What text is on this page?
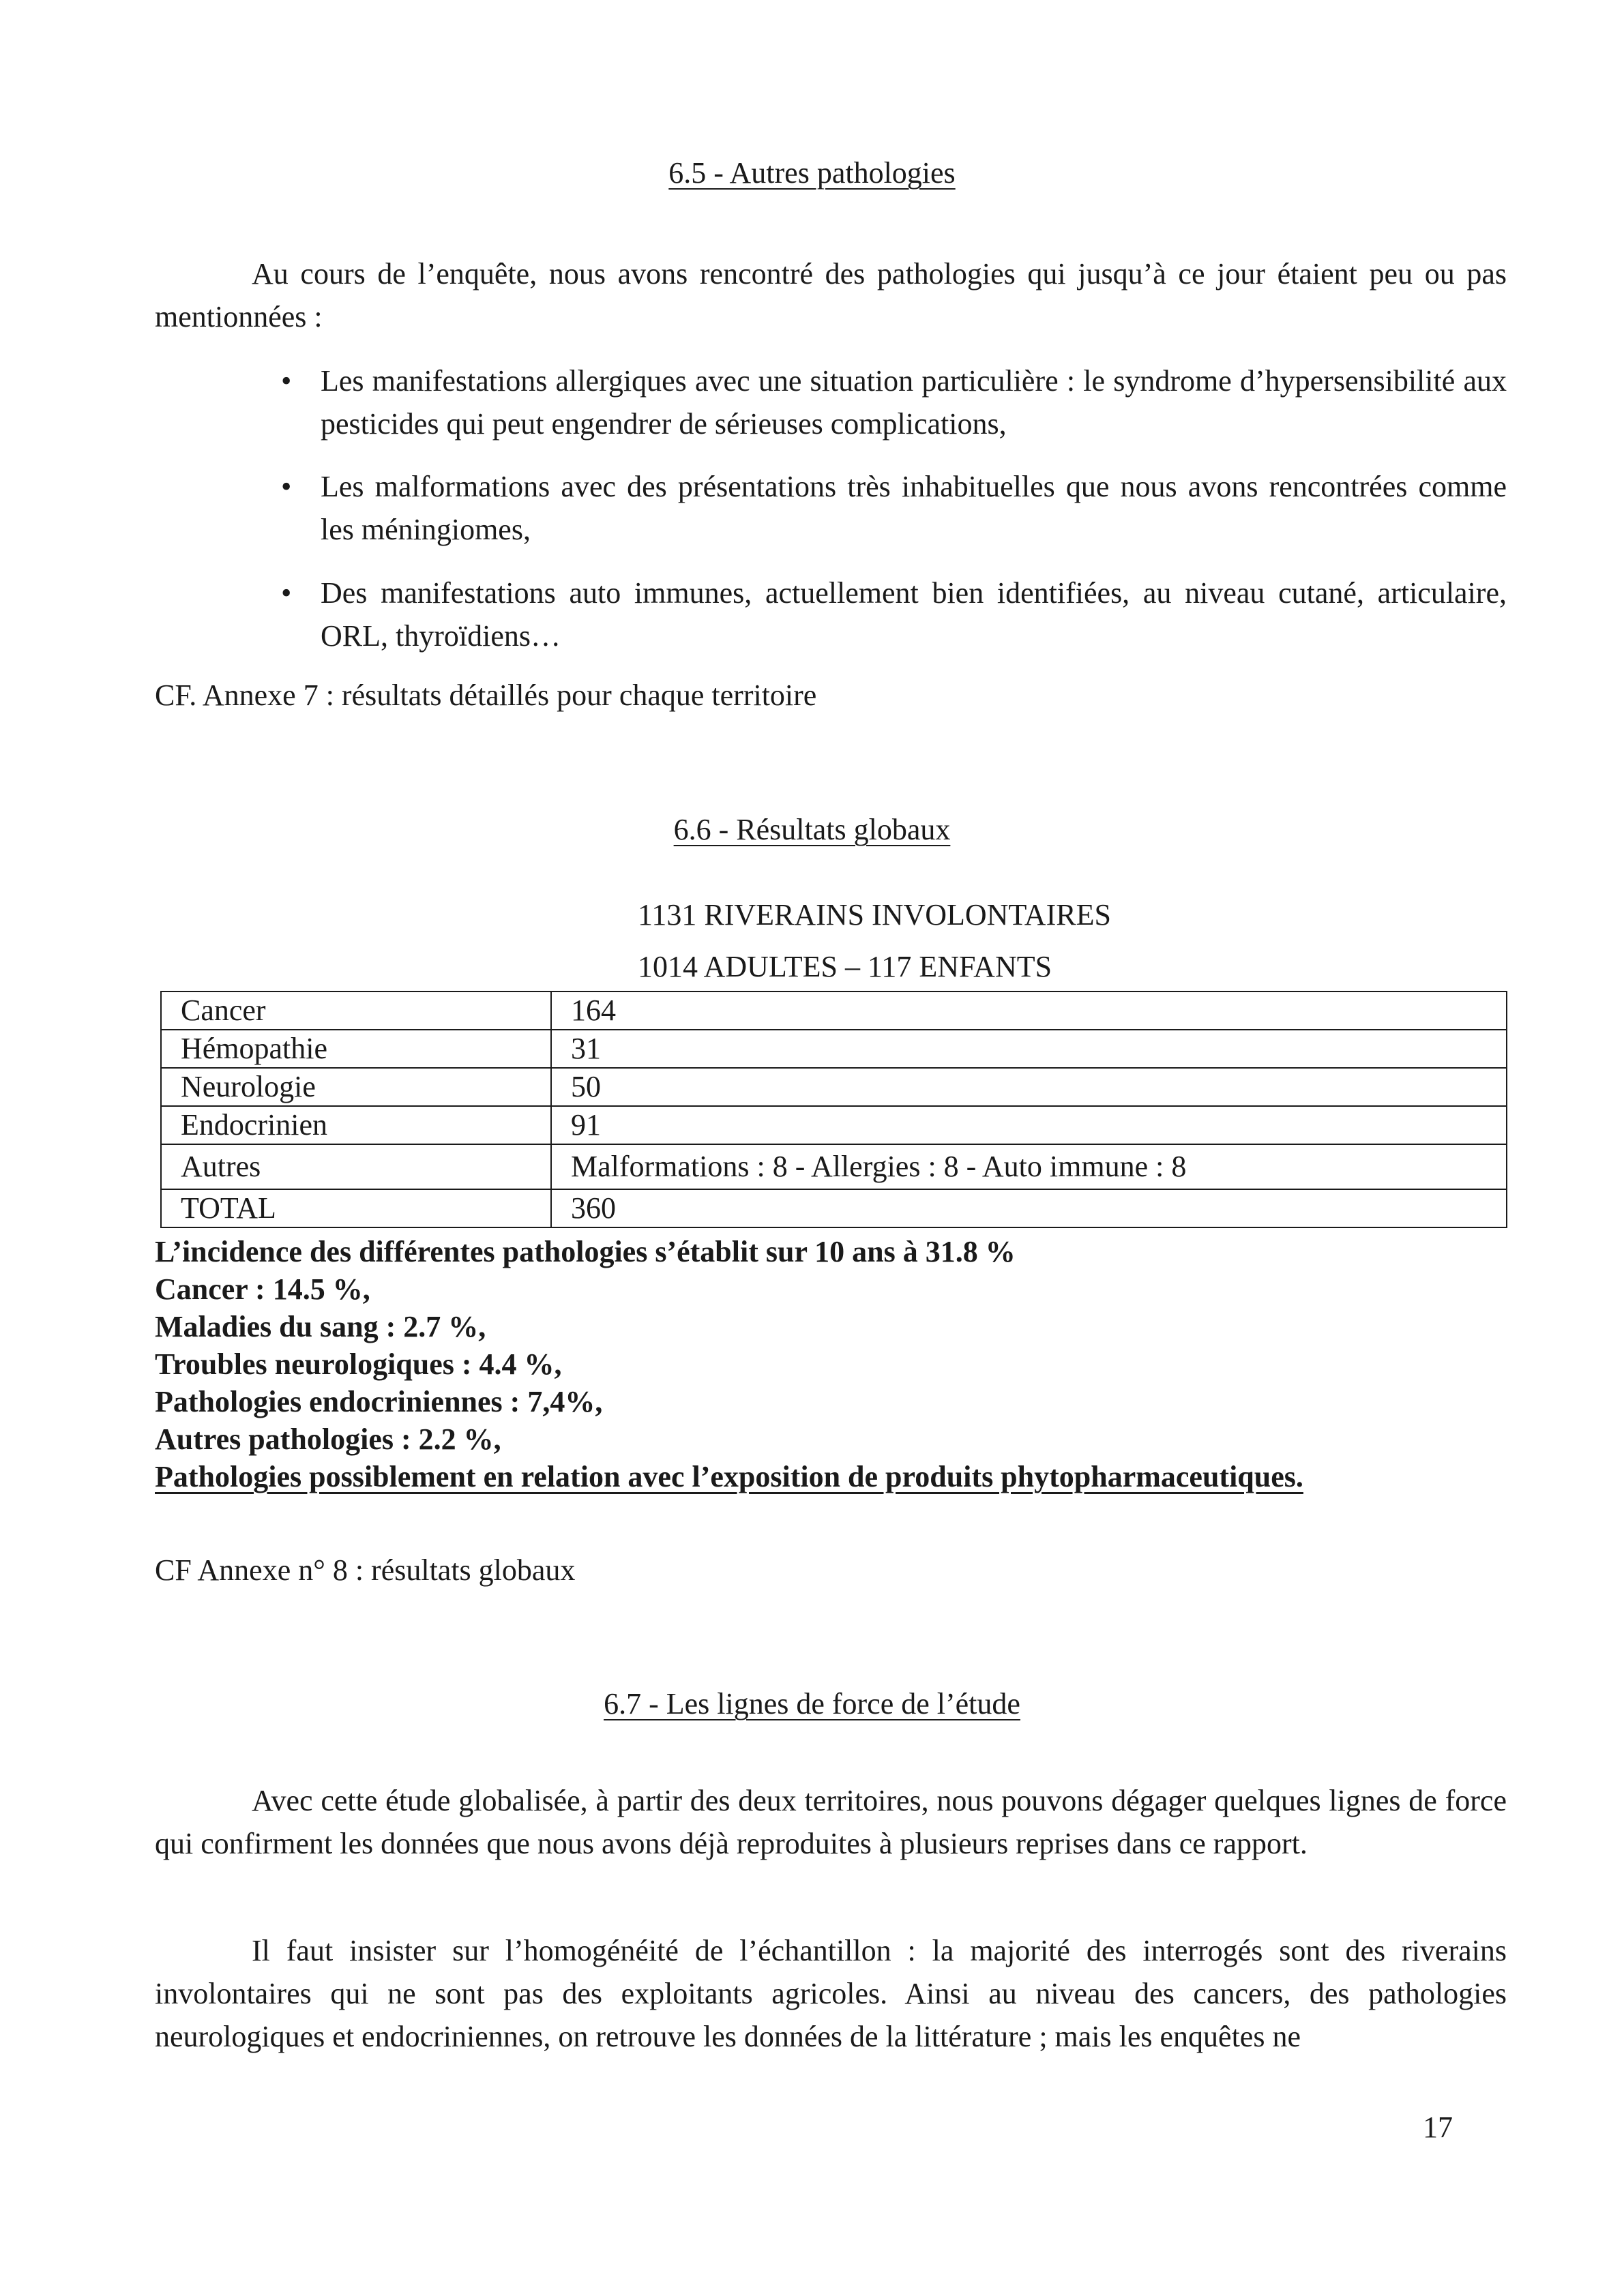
6.5 - Autres pathologies

Au cours de l’enquête, nous avons rencontré des pathologies qui jusqu’à ce jour étaient peu ou pas mentionnées :

• Les manifestations allergiques avec une situation particulière : le syndrome d’hypersensibilité aux pesticides qui peut engendrer de sérieuses complications,
• Les malformations avec des présentations très inhabituelles que nous avons rencontrées comme les méningiomes,
• Des manifestations auto immunes, actuellement bien identifiées, au niveau cutané, articulaire, ORL, thyroïdiens…

CF. Annexe 7 : résultats détaillés pour chaque territoire

6.6 - Résultats globaux
1131 RIVERAINS INVOLONTAIRES
1014 ADULTES – 117 ENFANTS
Cancer	164
Hémopathie	31
Neurologie	50
Endocrinien	91
Autres	Malformations : 8 - Allergies : 8 - Auto immune : 8
TOTAL	360
L’incidence des différentes pathologies s’établit sur 10 ans à 31.8 %
Cancer : 14.5 %,
Maladies du sang : 2.7 %,
Troubles neurologiques : 4.4 %,
Pathologies endocriniennes : 7,4%,
Autres pathologies : 2.2 %,
Pathologies possiblement en relation avec l’exposition de produits phytopharmaceutiques.

CF Annexe n° 8 : résultats globaux

6.7 - Les lignes de force de l’étude

Avec cette étude globalisée, à partir des deux territoires, nous pouvons dégager quelques lignes de force qui confirment les données que nous avons déjà reproduites à plusieurs reprises dans ce rapport.

Il faut insister sur l’homogénéité de l’échantillon : la majorité des interrogés sont des riverains involontaires qui ne sont pas des exploitants agricoles. Ainsi au niveau des cancers, des pathologies neurologiques et endocriniennes, on retrouve les données de la littérature ; mais les enquêtes ne

17
